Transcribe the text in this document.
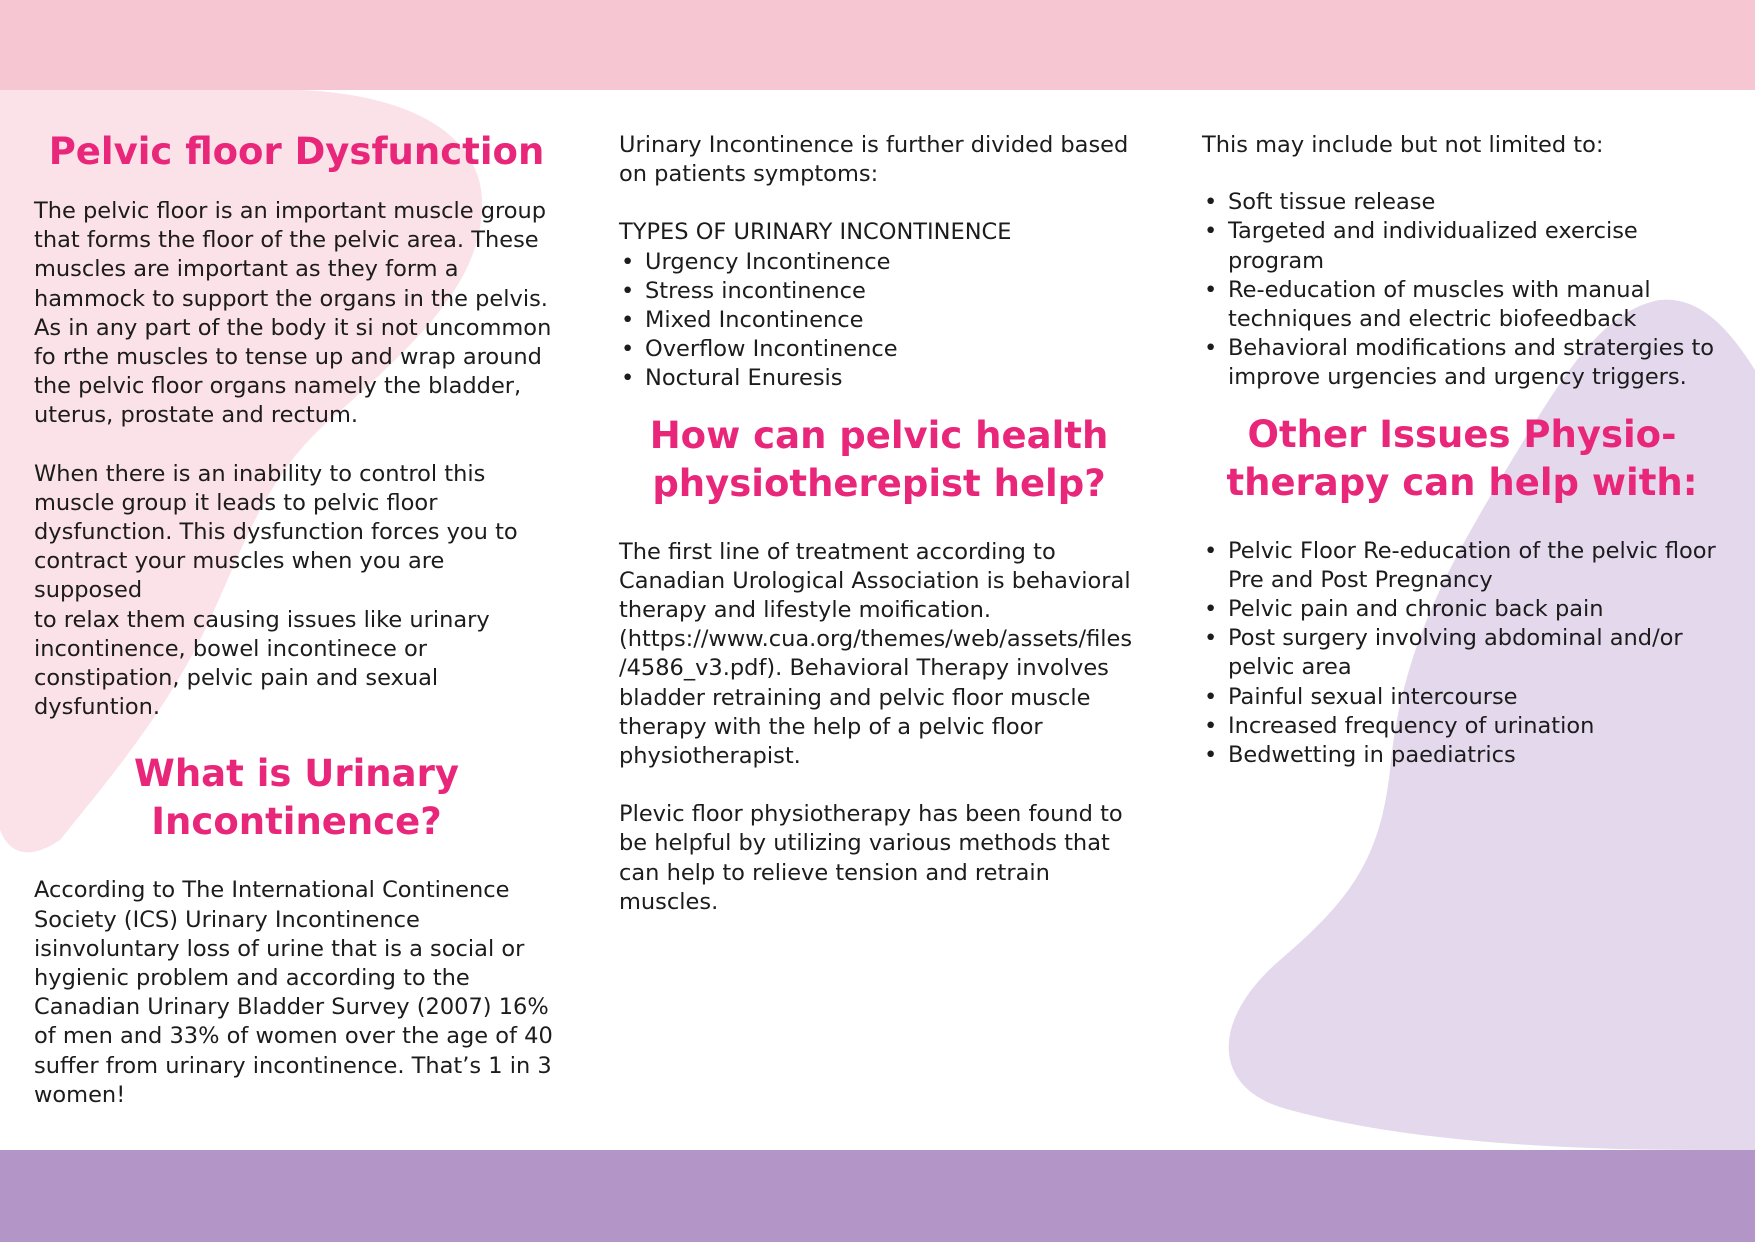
Pelvic floor Dysfunction

The pelvic floor is an important muscle group
that forms the floor of the pelvic area. These
muscles are important as they form a
hammock to support the organs in the pelvis.
As in any part of the body it si not uncommon
fo rthe muscles to tense up and wrap around
the pelvic floor organs namely the bladder,
uterus, prostate and rectum.

When there is an inability to control this
muscle group it leads to pelvic floor
dysfunction. This dysfunction forces you to
contract your muscles when you are supposed
to relax them causing issues like urinary
incontinence, bowel incontinece or
constipation, pelvic pain and sexual dysfuntion.

What is Urinary
Incontinence?

According to The International Continence
Society (ICS) Urinary Incontinence
isinvoluntary loss of urine that is a social or
hygienic problem and according to the
Canadian Urinary Bladder Survey (2007) 16%
of men and 33% of women over the age of 40
suffer from urinary incontinence. That’s 1 in 3
women!

Urinary Incontinence is further divided based
on patients symptoms:

TYPES OF URINARY INCONTINENCE

• Urgency Incontinence
• Stress incontinence
• Mixed Incontinence
• Overflow Incontinence
• Noctural Enuresis
How can pelvic health
physiotherepist help?

The first line of treatment according to
Canadian Urological Association is behavioral
therapy and lifestyle moification.
(https://www.cua.org/themes/web/assets/files
/4586_v3.pdf). Behavioral Therapy involves
bladder retraining and pelvic floor muscle
therapy with the help of a pelvic floor
physiotherapist.

Plevic floor physiotherapy has been found to
be helpful by utilizing various methods that
can help to relieve tension and retrain
muscles.

This may include but not limited to:

• Soft tissue release
• Targeted and individualized exercise
program
• Re-education of muscles with manual
techniques and electric biofeedback
• Behavioral modifications and stratergies to
improve urgencies and urgency triggers.
Other Issues Physio-
therapy can help with:
• Pelvic Floor Re-education of the pelvic floor
Pre and Post Pregnancy
• Pelvic pain and chronic back pain
• Post surgery involving abdominal and/or
pelvic area
• Painful sexual intercourse
• Increased frequency of urination
• Bedwetting in paediatrics
